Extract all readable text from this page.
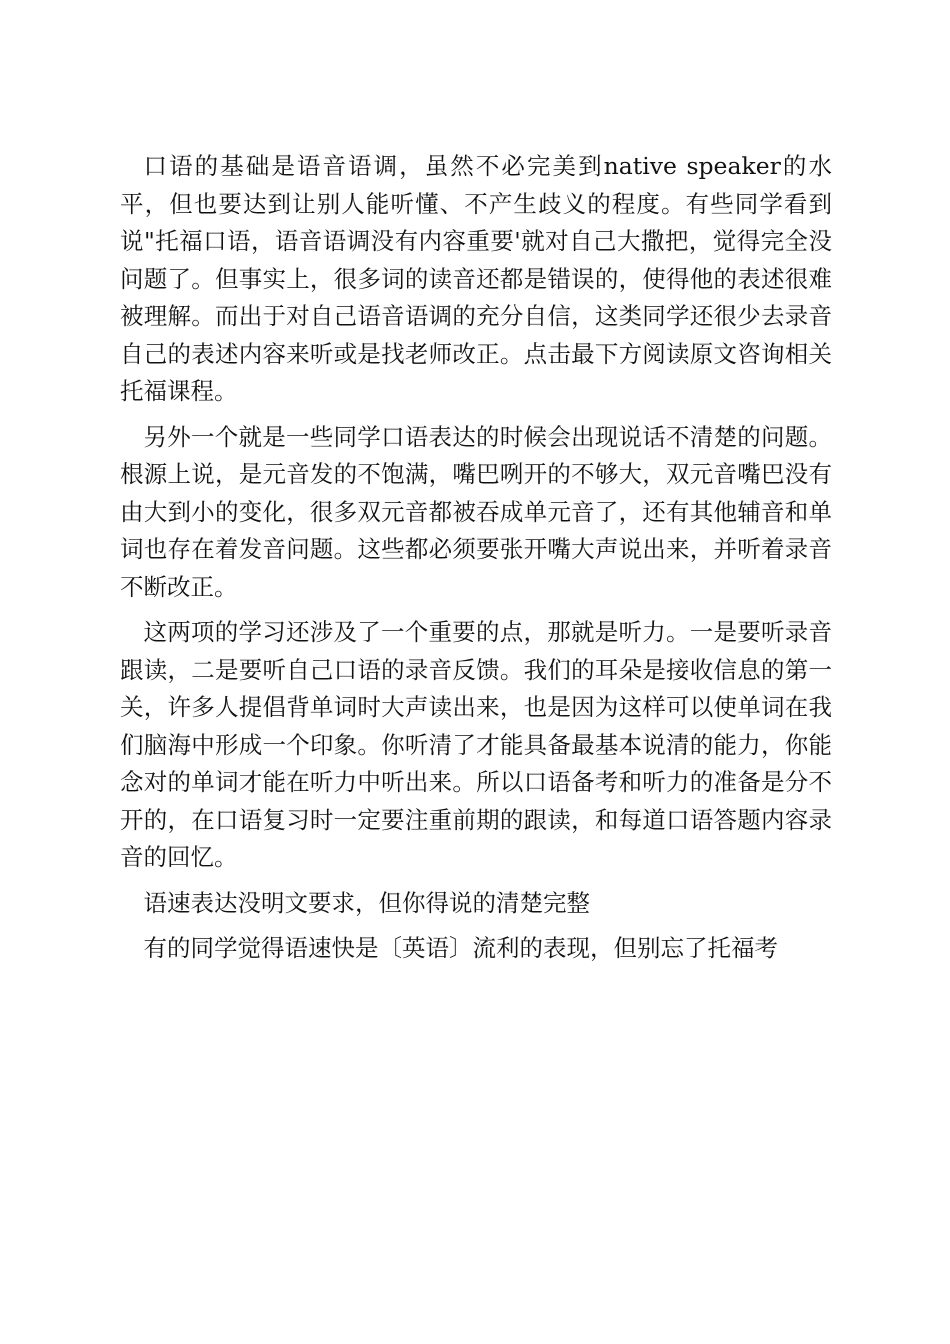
口语的基础是语音语调，虽然不必完美到native speaker的水平，但也要达到让别人能听懂、不产生歧义的程度。有些同学看到说"托福口语，语音语调没有内容重要'就对自己大撒把，觉得完全没问题了。但事实上，很多词的读音还都是错误的，使得他的表述很难被理解。而出于对自己语音语调的充分自信，这类同学还很少去录音自己的表述内容来听或是找老师改正。点击最下方阅读原文咨询相关托福课程。

另外一个就是一些同学口语表达的时候会出现说话不清楚的问题。根源上说，是元音发的不饱满，嘴巴咧开的不够大，双元音嘴巴没有由大到小的变化，很多双元音都被吞成单元音了，还有其他辅音和单词也存在着发音问题。这些都必须要张开嘴大声说出来，并听着录音不断改正。

这两项的学习还涉及了一个重要的点，那就是听力。一是要听录音跟读，二是要听自己口语的录音反馈。我们的耳朵是接收信息的第一关，许多人提倡背单词时大声读出来，也是因为这样可以使单词在我们脑海中形成一个印象。你听清了才能具备最基本说清的能力，你能念对的单词才能在听力中听出来。所以口语备考和听力的准备是分不开的，在口语复习时一定要注重前期的跟读，和每道口语答题内容录音的回忆。

语速表达没明文要求，但你得说的清楚完整

有的同学觉得语速快是〔英语〕流利的表现，但别忘了托福考
